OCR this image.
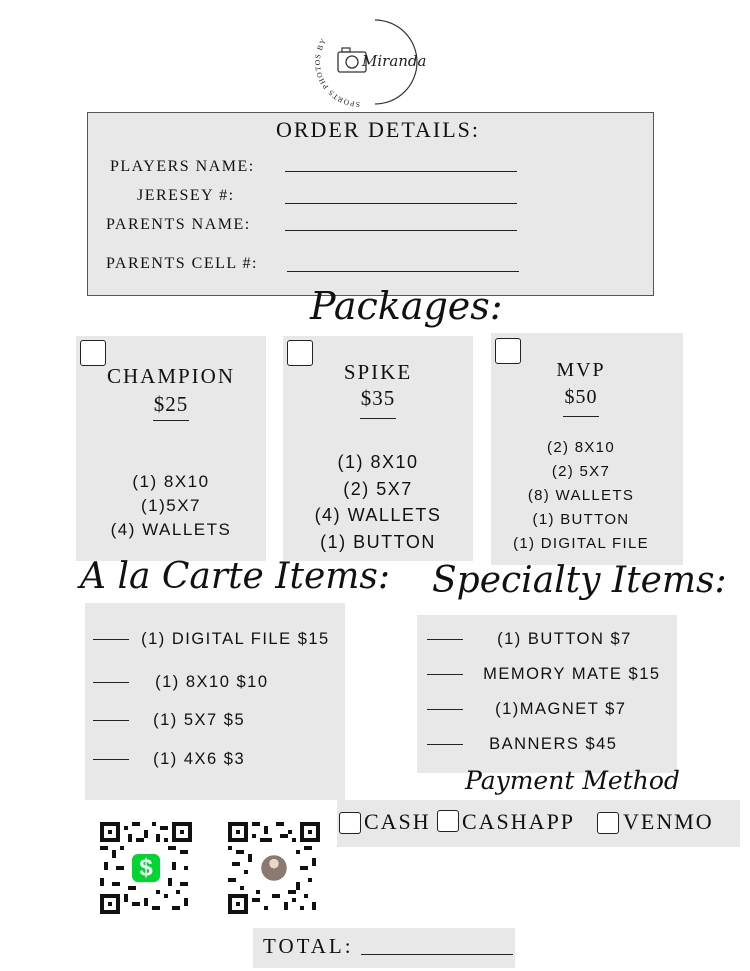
SPORTS PHOTOS BY
Miranda
ORDER DETAILS:
PLAYERS NAME:
JERESEY #:
PARENTS NAME:
PARENTS CELL #:
Packages:
CHAMPION
$25
(1) 8X10
(1)5X7
(4) WALLETS
SPIKE
$35
(1) 8X10
(2) 5X7
(4) WALLETS
(1) BUTTON
MVP
$50
(2) 8X10
(2) 5X7
(8) WALLETS
(1) BUTTON
(1) DIGITAL FILE
A la Carte Items:
(1) DIGITAL FILE $15
(1) 8X10 $10
(1) 5X7 $5
(1) 4X6 $3
Specialty Items:
(1) BUTTON $7
MEMORY MATE $15
(1)MAGNET $7
BANNERS $45
Payment Method
CASH CASHAPP VENMO
$
TOTAL:
